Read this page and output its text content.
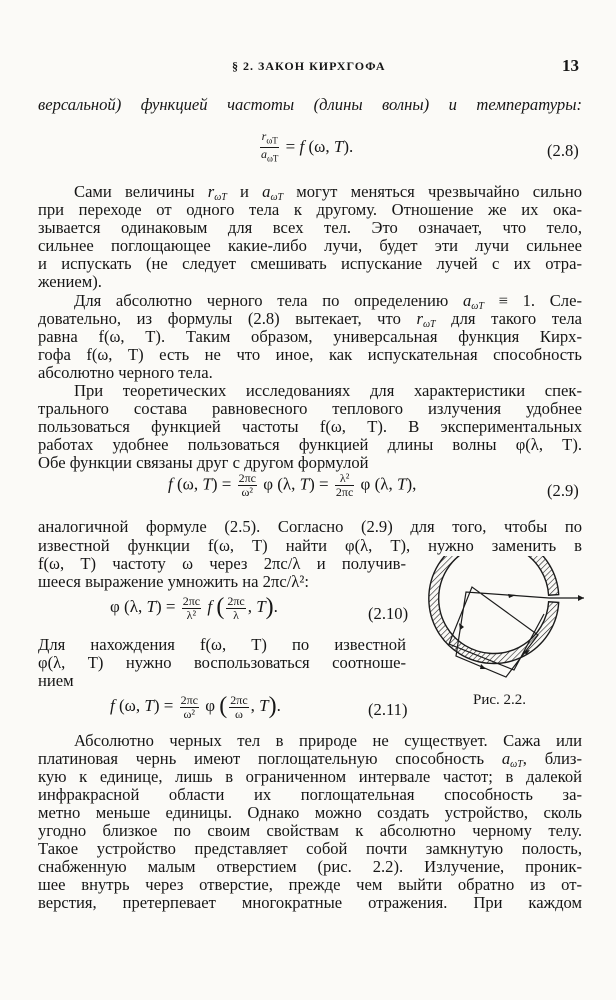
§ 2. ЗАКОН КИРХГОФА	13
версальной) функцией частоты (длины волны) и температуры:
$\frac{r_{\omega T}}{a_{\omega T}} = f$ (ω, T).	(2.8)
Сами величины $r_{\omega T}$ и $a_{\omega T}$ могут меняться чрезвычайно сильно
при переходе от одного тела к другому. Отношение же их ока-
зывается одинаковым для всех тел. Это означает, что тело,
сильнее поглощающее какие-либо лучи, будет эти лучи сильнее
и испускать (не следует смешивать испускание лучей с их отра-
жением).
Для абсолютно черного тела по определению $a_{\omega T} \equiv 1$. Сле-
довательно, из формулы (2.8) вытекает, что $r_{\omega T}$ для такого тела
равна f(ω, T). Таким образом, универсальная функция Кирх-
гофа f(ω, T) есть не что иное, как испускательная способность
абсолютно черного тела.
При теоретических исследованиях для характеристики спек-
трального состава равновесного теплового излучения удобнее
пользоваться функцией частоты f(ω, T). В экспериментальных
работах удобнее пользоваться функцией длины волны φ(λ, T).
Обе функции связаны друг с другом формулой
f (ω, $T) = \frac{2\pi c}{\text{ω²}}$ φ (λ, $T) = \frac{\text{λ²}}{2\pi c}$ φ (λ, T),	(2.9)
аналогичной формуле (2.5). Согласно (2.9) для того, чтобы по
известной функции f(ω, T) найти φ(λ, T), нужно заменить в
f(ω, T) частоту ω через 2πc/λ и получив-
шееся выражение умножить на 2πc/λ²:
φ (λ, $T) = \frac{2\pi c}{\text{λ²}}$ f ( $\frac{2\pi c}{\lambda}$ , T).	(2.10)
Для нахождения f(ω, T) по известной
φ(λ, T) нужно воспользоваться соотноше-
нием
f (ω, $T) = \frac{2\pi c}{\text{ω²}}$ φ ( $\frac{2\pi c}{\omega}$ , T).	(2.11)	Рис. 2.2.
Абсолютно черных тел в природе не существует. Сажа или
платиновая чернь имеют поглощательную способность $a_{\omega T}$, близ-
кую к единице, лишь в ограниченном интервале частот; в далекой
инфракрасной области их поглощательная способность за-
метно меньше единицы. Однако можно создать устройство, сколь
угодно близкое по своим свойствам к абсолютно черному телу.
Такое устройство представляет собой почти замкнутую полость,
снабженную малым отверстием (рис. 2.2). Излучение, проник-
шее внутрь через отверстие, прежде чем выйти обратно из от-
верстия, претерпевает многократные отражения. При каждом
